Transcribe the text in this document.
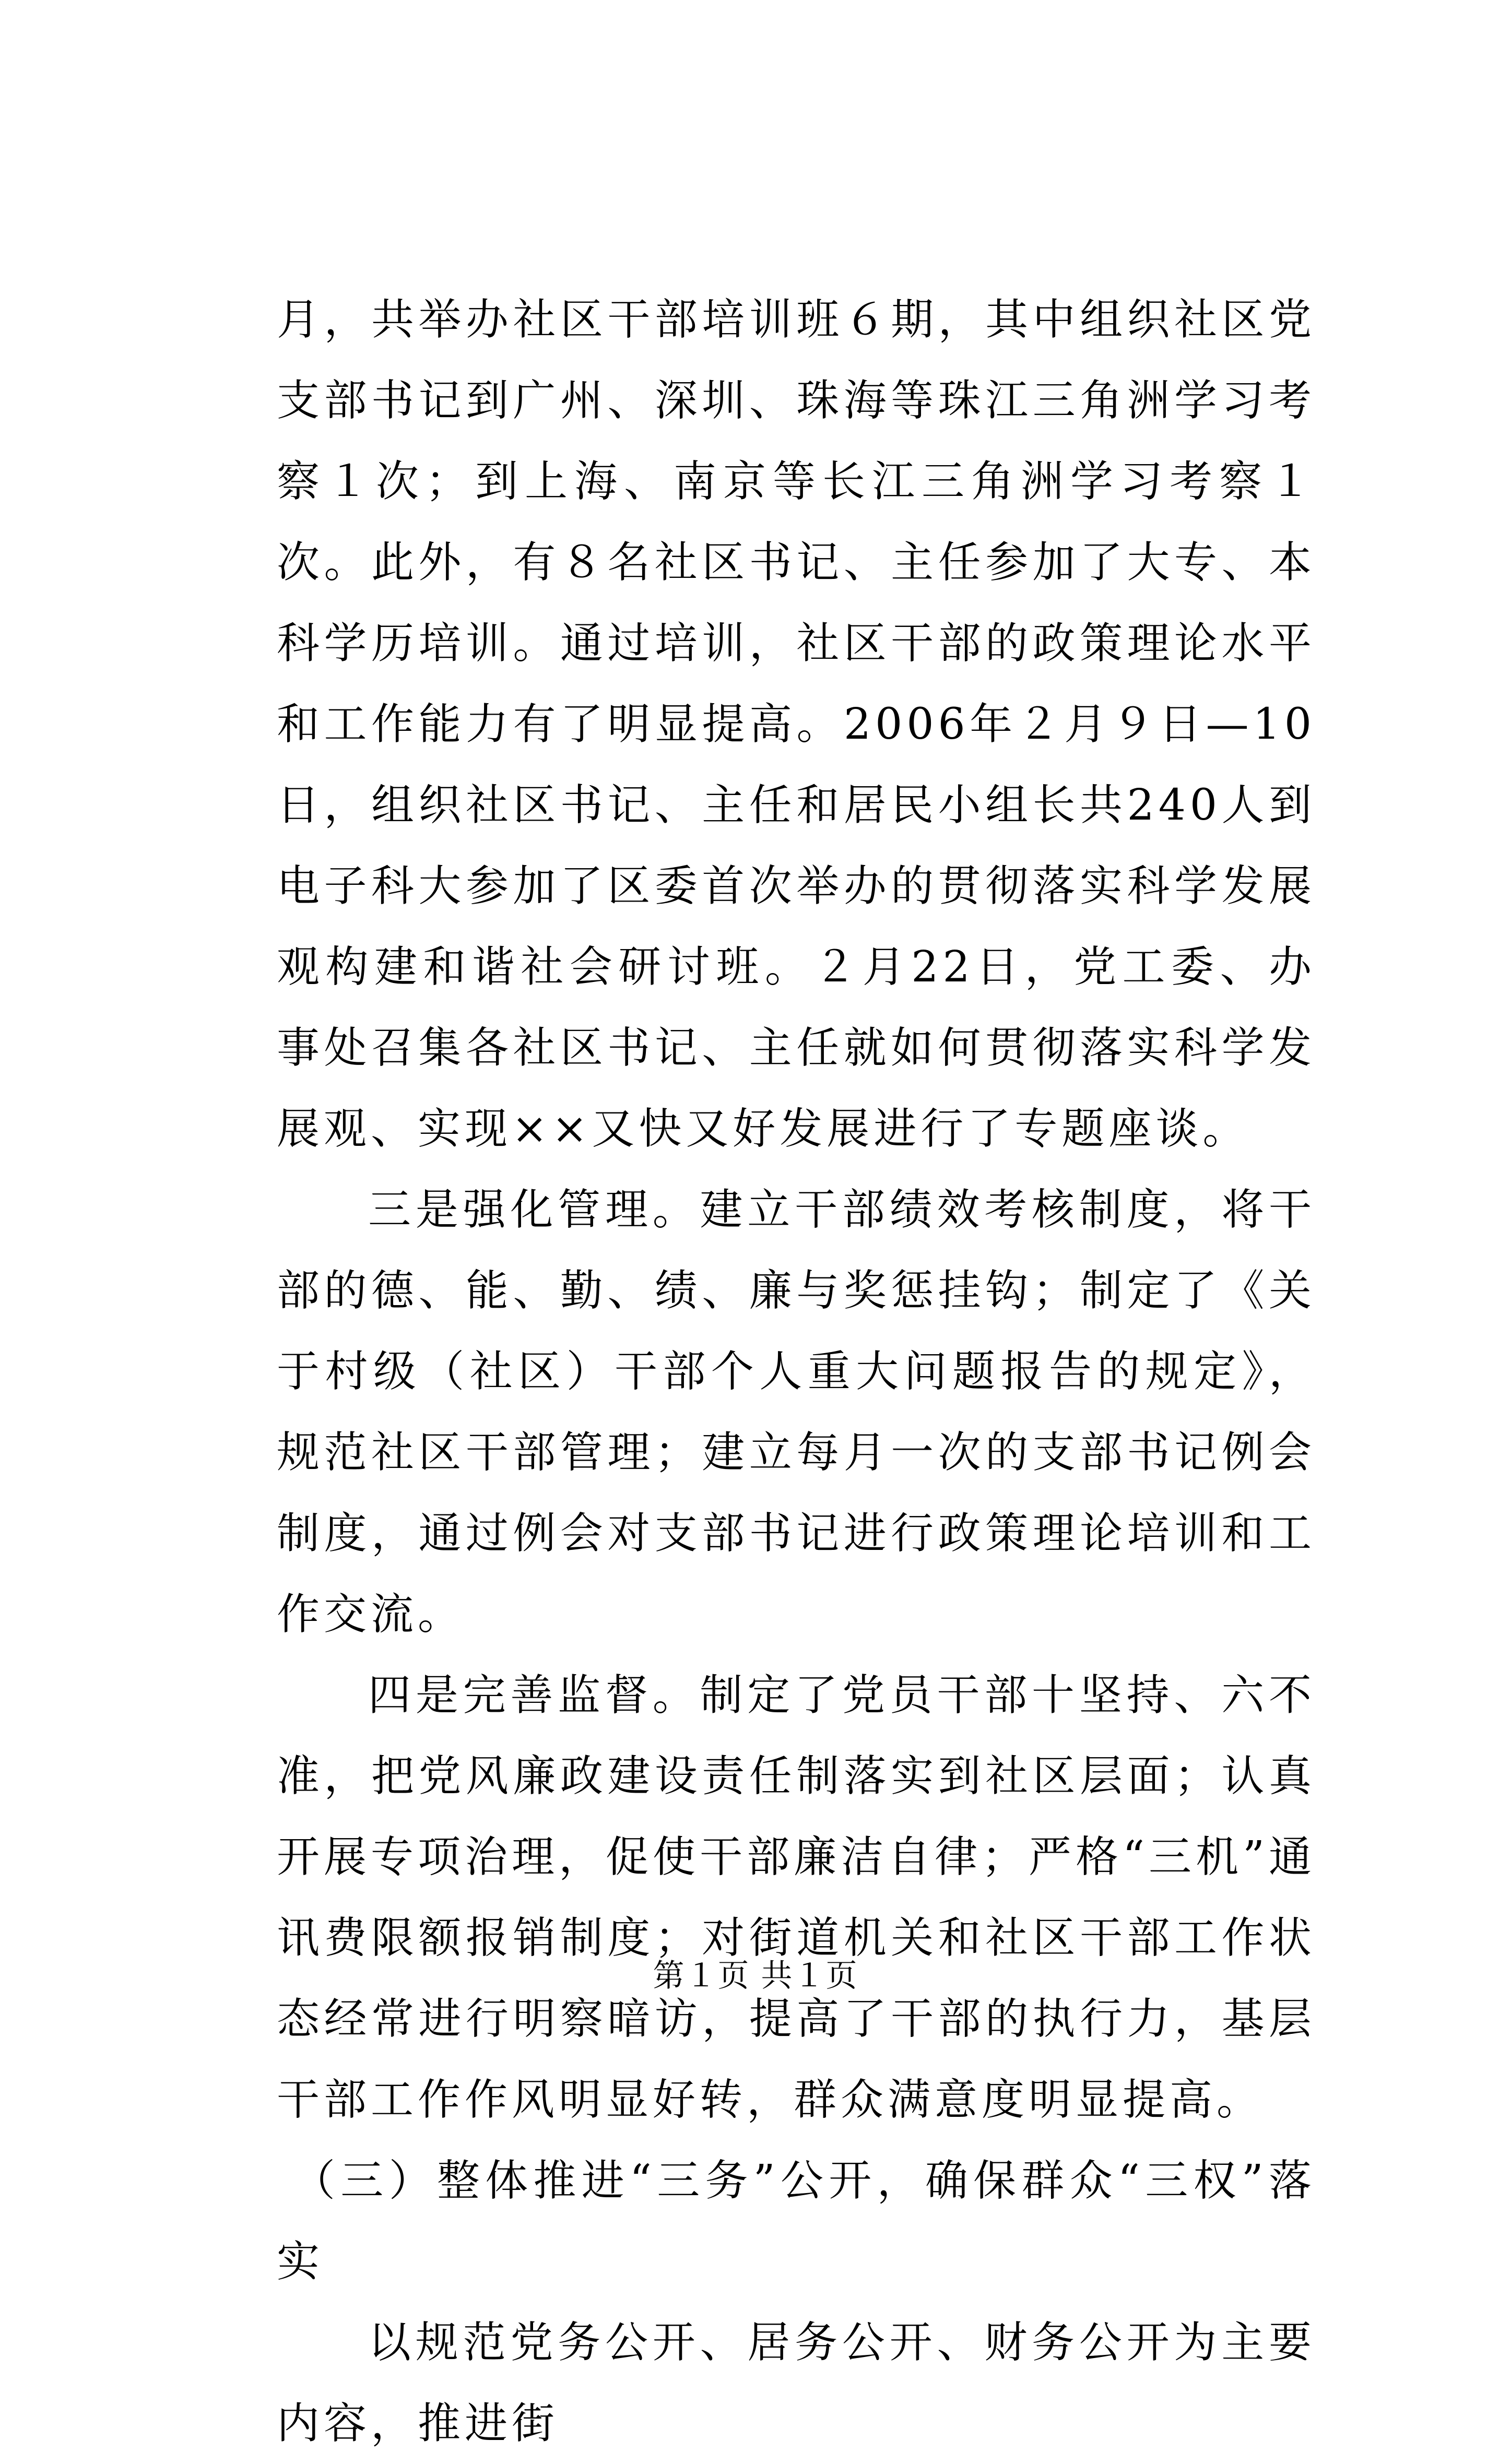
月，共举办社区干部培训班６期，其中组织社区党支部书记到广州、深圳、珠海等珠江三角洲学习考察１次；到上海、南京等长江三角洲学习考察１次。此外，有８名社区书记、主任参加了大专、本科学历培训。通过培训，社区干部的政策理论水平和工作能力有了明显提高。2006年２月９日—10日，组织社区书记、主任和居民小组长共240人到电子科大参加了区委首次举办的贯彻落实科学发展观构建和谐社会研讨班。２月22日，党工委、办事处召集各社区书记、主任就如何贯彻落实科学发展观、实现××又快又好发展进行了专题座谈。

三是强化管理。建立干部绩效考核制度，将干部的德、能、勤、绩、廉与奖惩挂钩；制定了《关于村级（社区）干部个人重大问题报告的规定》，规范社区干部管理；建立每月一次的支部书记例会制度，通过例会对支部书记进行政策理论培训和工作交流。

四是完善监督。制定了党员干部十坚持、六不准，把党风廉政建设责任制落实到社区层面；认真开展专项治理，促使干部廉洁自律；严格“三机”通讯费限额报销制度；对街道机关和社区干部工作状态经常进行明察暗访，提高了干部的执行力，基层干部工作作风明显好转，群众满意度明显提高。

（三）整体推进“三务”公开，确保群众“三权”落实

以规范党务公开、居务公开、财务公开为主要内容，推进街

第１页 共１页
